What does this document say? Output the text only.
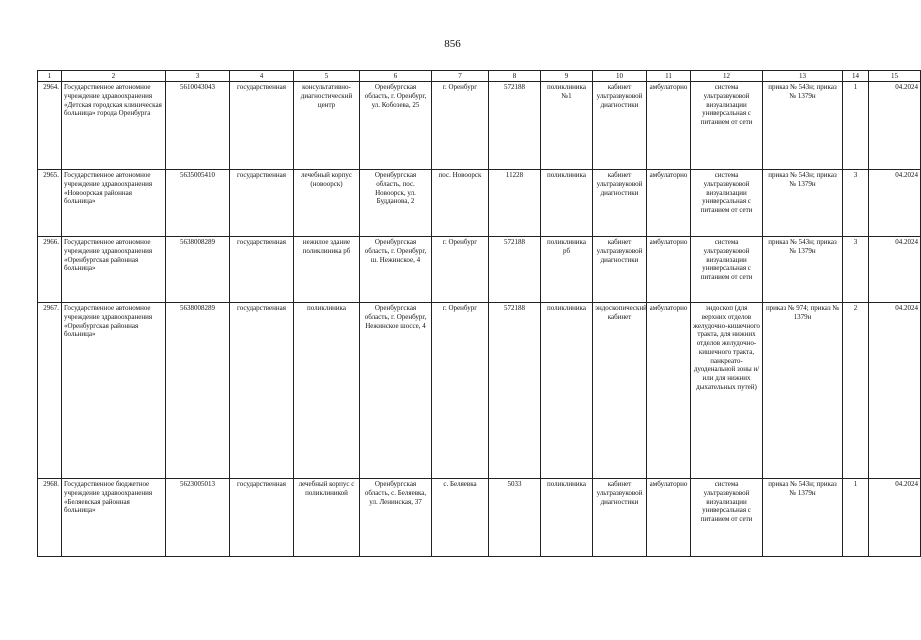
856
1	2	3	4	5	6	7	8	9	10	11	12	13	14	15
2964.	Государственное автономное учреждение здравоохранения «Детская городская клиническая больница» города Оренбурга	5610043043	государственная	консультативно-диагностический центр	Оренбургская область, г. Оренбург, ул. Кобозева, 25	г. Оренбург	572188	поликлиника №1	кабинет ультразвуковой диагностики	амбулаторно	система ультразвуковой визуализации универсальная с питанием от сети	приказ № 543н; приказ № 1379н	1	04.2024
2965.	Государственное автономное учреждение здравоохранения «Новоорская районная больница»	5635005410	государственная	лечебный корпус (новоорск)	Оренбургская область, пос. Новоорск, ул. Будданова, 2	пос. Новоорск	11228	поликлиника	кабинет ультразвуковой диагностики	амбулаторно	система ультразвуковой визуализации универсальная с питанием от сети	приказ № 543н; приказ № 1379н	3	04.2024
2966.	Государственное автономное учреждение здравоохранения «Оренбургская районная больница»	5638008289	государственная	нежилое здание поликлиника рб	Оренбургская область, г. Оренбург, ш. Нежинское, 4	г. Оренбург	572188	поликлиника рб	кабинет ультразвуковой диагностики	амбулаторно	система ультразвуковой визуализации универсальная с питанием от сети	приказ № 543н; приказ № 1379н	3	04.2024
2967.	Государственное автономное учреждение здравоохранения «Оренбургская районная больница»	5638008289	государственная	поликлиника	Оренбургская область, г. Оренбург, Нежинское шоссе, 4	г. Оренбург	572188	поликлиника	эндоскопический кабинет	амбулаторно	эндоскоп (для верхних отделов желудочно-кишечного тракта, для нижних отделов желудочно-кишечного тракта, панкреато-дуоденальной зоны и/или для нижних дыхательных путей)	приказ № 974; приказ № 1379н	2	04.2024
2968.	Государственное бюджетное учреждение здравоохранения «Беляевская районная больница»	5623005013	государственная	лечебный корпус с поликлиникой	Оренбургская область, с. Беляевка, ул. Ленинская, 37	с. Беляевка	5033	поликлиника	кабинет ультразвуковой диагностики	амбулаторно	система ультразвуковой визуализации универсальная с питанием от сети	приказ № 543н; приказ № 1379н	1	04.2024
